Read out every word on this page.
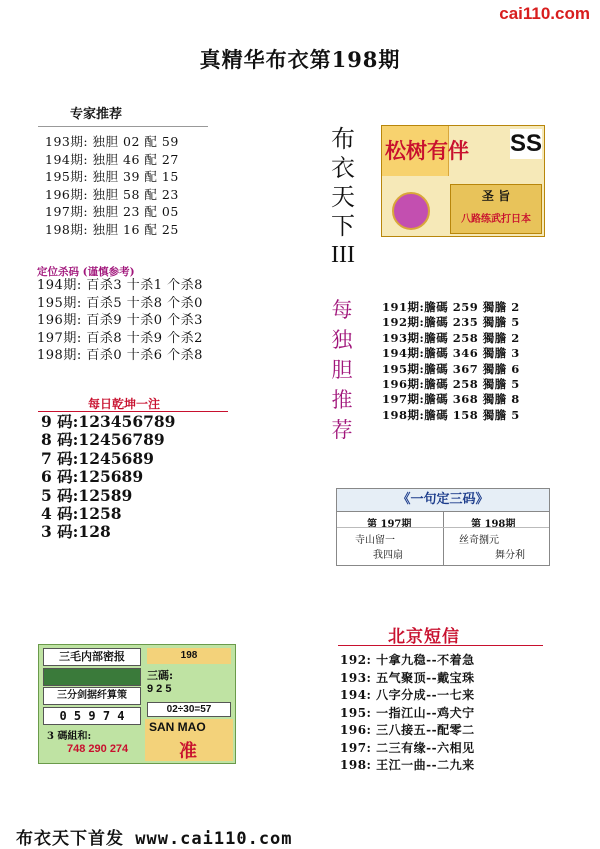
cai110.com
真精华布衣第198期
专家推荐
193期: 独胆 02 配 59
194期: 独胆 46 配 27
195期: 独胆 39 配 15
196期: 独胆 58 配 23
197期: 独胆 23 配 05
198期: 独胆 16 配 25
定位杀码 (谨慎参考)
194期: 百杀3 十杀1 个杀8
195期: 百杀5 十杀8 个杀0
196期: 百杀9 十杀0 个杀3
197期: 百杀8 十杀9 个杀2
198期: 百杀0 十杀6 个杀8
每日乾坤一注
9 码:123456789
8 码:12456789
7 码:1245689
6 码:125689
5 码:12589
4 码:1258
3 码:128
布
衣
天
下
III
松树有伴 SS
圣 旨
八路练武打日本
每
独
胆
推
荐
191期:膽碼 259 獨膽 2
192期:膽碼 235 獨膽 5
193期:膽碼 258 獨膽 2
194期:膽碼 346 獨膽 3
195期:膽碼 367 獨膽 6
196期:膽碼 258 獨膽 5
197期:膽碼 368 獨膽 8
198期:膽碼 158 獨膽 5
《一句定三码》
第 197期	第 198期
寺山留一	丝奇捌元
我四扇	舞分利
三毛内部密报
三分剑据纤算策
0 5 9 7 4
3 碼組和:
748 290 274
198
三碼:
9 2 5
02÷30=57
SAN MAO
准
北京短信
192: 十拿九稳--不着急
193: 五气聚顶--戴宝珠
194: 八字分成--一七来
195: 一指江山--鸡犬宁
196: 三八接五--配零二
197: 二三有缘--六相见
198: 王江一曲--二九来
布衣天下首发 www.cai110.com
